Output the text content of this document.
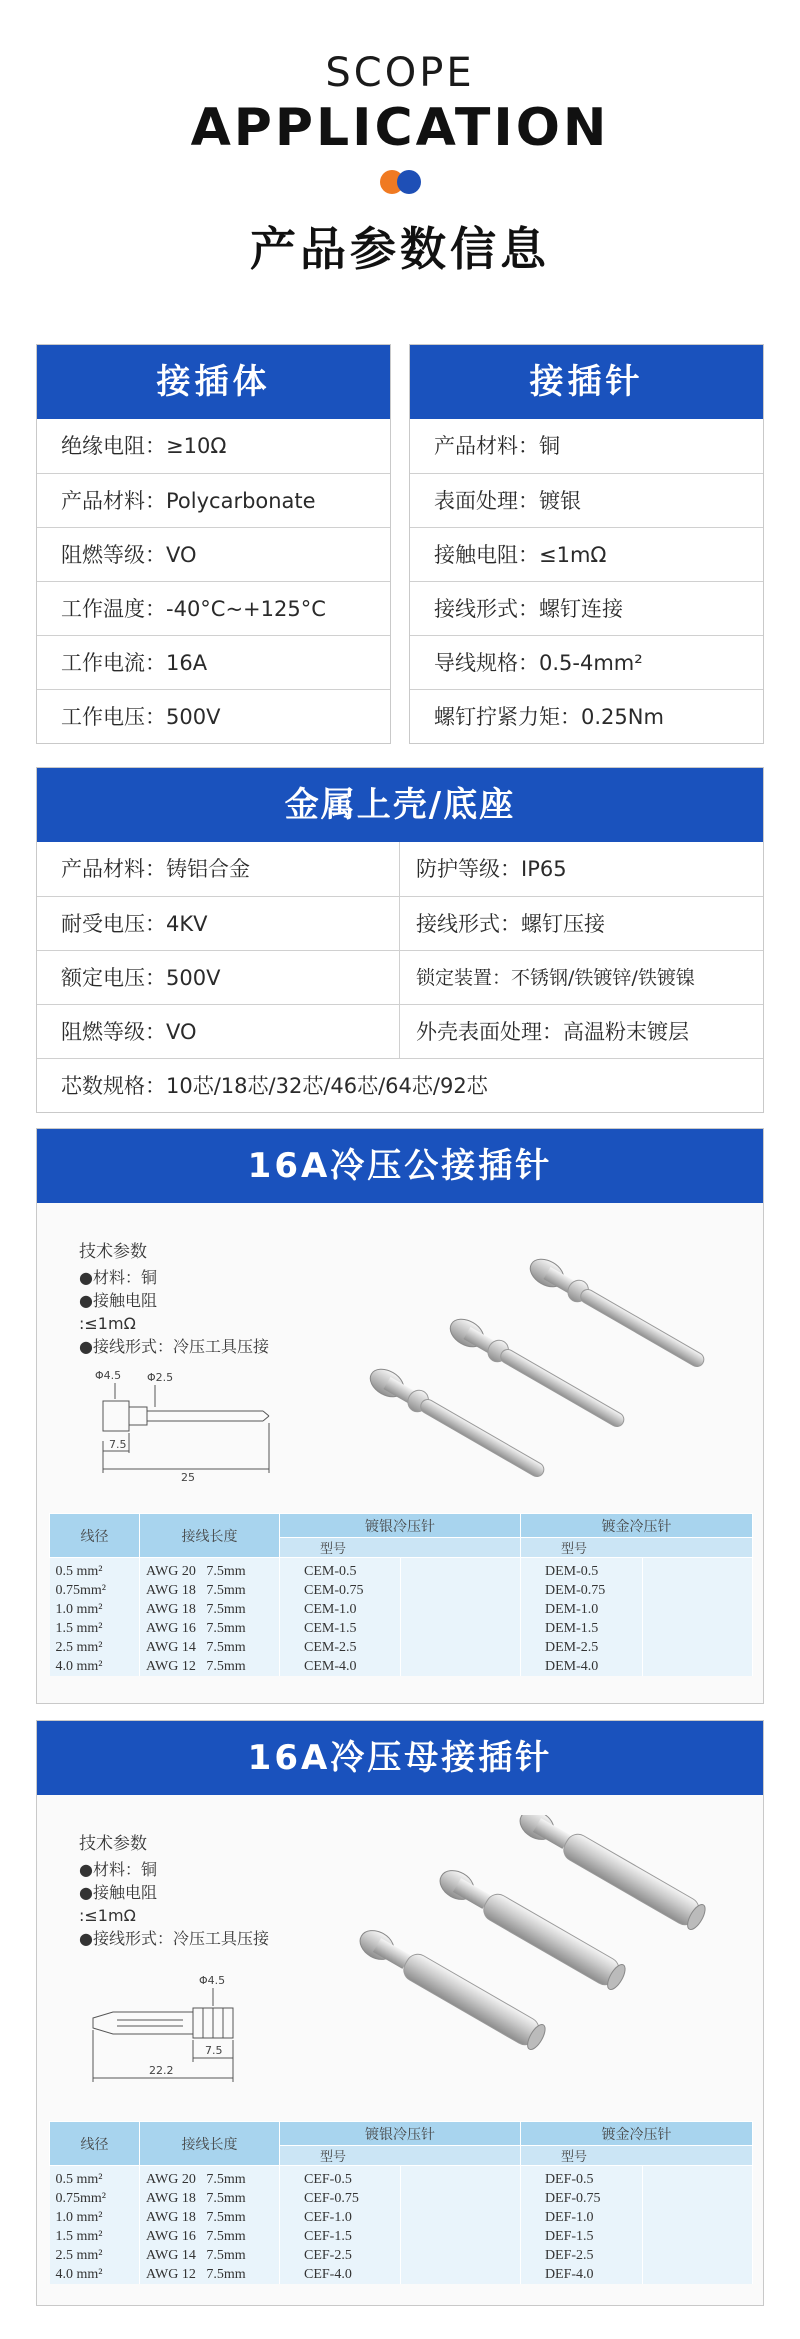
SCOPE
APPLICATION
产品参数信息
接插体
绝缘电阻：≥10Ω
产品材料：Polycarbonate
阻燃等级：VO
工作温度：-40°C~+125°C
工作电流：16A
工作电压：500V
接插针
产品材料：铜
表面处理：镀银
接触电阻：≤1mΩ
接线形式：螺钉连接
导线规格：0.5-4mm²
螺钉拧紧力矩：0.25Nm
金属上壳/底座
产品材料：铸铝合金	防护等级：IP65
耐受电压：4KV	接线形式：螺钉压接
额定电压：500V	锁定装置：不锈钢/铁镀锌/铁镀镍
阻燃等级：VO	外壳表面处理：高温粉末镀层
芯数规格：10芯/18芯/32芯/46芯/64芯/92芯
16A冷压公接插针
技术参数
●材料：铜
●接触电阻
:≤1mΩ
●接线形式：冷压工具压接
Φ4.5 Φ2.5
7.5
25
线径	接线长度	镀银冷压针		镀金冷压针	
		型号		型号	
0.5 mm²	AWG 20 7.5mm	CEM-0.5		DEM-0.5	
0.75mm²	AWG 18 7.5mm	CEM-0.75		DEM-0.75	
1.0 mm²	AWG 18 7.5mm	CEM-1.0		DEM-1.0	
1.5 mm²	AWG 16 7.5mm	CEM-1.5		DEM-1.5	
2.5 mm²	AWG 14 7.5mm	CEM-2.5		DEM-2.5	
4.0 mm²	AWG 12 7.5mm	CEM-4.0		DEM-4.0	
16A冷压母接插针
技术参数
●材料：铜
●接触电阻
:≤1mΩ
●接线形式：冷压工具压接
Φ4.5
7.5
22.2
线径	接线长度	镀银冷压针		镀金冷压针	
		型号		型号	
0.5 mm²	AWG 20 7.5mm	CEF-0.5		DEF-0.5	
0.75mm²	AWG 18 7.5mm	CEF-0.75		DEF-0.75	
1.0 mm²	AWG 18 7.5mm	CEF-1.0		DEF-1.0	
1.5 mm²	AWG 16 7.5mm	CEF-1.5		DEF-1.5	
2.5 mm²	AWG 14 7.5mm	CEF-2.5		DEF-2.5	
4.0 mm²	AWG 12 7.5mm	CEF-4.0		DEF-4.0	
